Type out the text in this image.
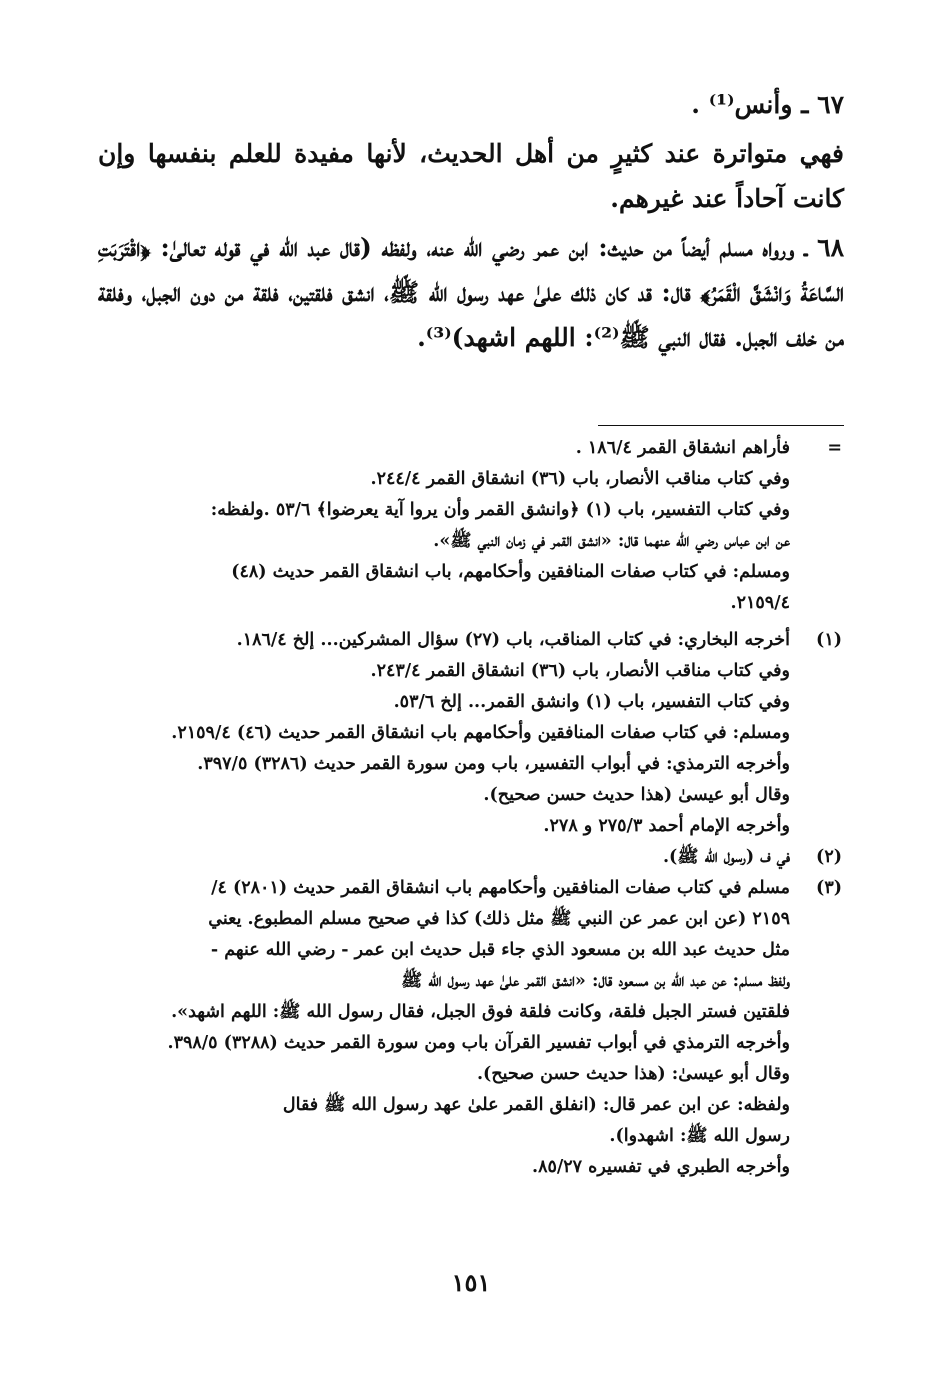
٦٧ ـ وأنس⁽¹⁾ .

فهي متواترة عند كثيرٍ من أهل الحديث، لأنها مفيدة للعلم بنفسها وإن كانت آحاداً عند غيرهم.

٦٨ ـ ورواه مسلم أيضاً من حديث: ابن عمر رضي الله عنه، ولفظه (قال عبد الله في قوله تعالىٰ: ﴿اقْتَرَبَتِ السَّاعَةُ وَانْشَقَّ الْقَمَرُ﴾ قال: قد كان ذلك علىٰ عهد رسول الله ﷺ، انشق فلقتين، فلقة من دون الجبل، وفلقة من خلف الجبل. فقال النبي ﷺ⁽²⁾: اللهم اشهد)⁽³⁾.

=
فأراهم انشقاق القمر ١٨٦/٤ .
وفي كتاب مناقب الأنصار، باب (٣٦) انشقاق القمر ٢٤٤/٤.
وفي كتاب التفسير، باب (١) ﴿وانشق القمر وأن يروا آية يعرضوا﴾ ٥٣/٦ .ولفظه:
عن ابن عباس رضي الله عنهما قال: «انشق القمر في زمان النبي ﷺ».
ومسلم: في كتاب صفات المنافقين وأحكامهم، باب انشقاق القمر حديث (٤٨)
٢١٥٩/٤.
(١)
أخرجه البخاري: في كتاب المناقب، باب (٢٧) سؤال المشركين... إلخ ١٨٦/٤.
وفي كتاب مناقب الأنصار، باب (٣٦) انشقاق القمر ٢٤٣/٤.
وفي كتاب التفسير، باب (١) وانشق القمر... إلخ ٥٣/٦.
ومسلم: في كتاب صفات المنافقين وأحكامهم باب انشقاق القمر حديث (٤٦) ٢١٥٩/٤.
وأخرجه الترمذي: في أبواب التفسير، باب ومن سورة القمر حديث (٣٢٨٦) ٣٩٧/٥.
وقال أبو عيسىٰ (هذا حديث حسن صحيح).
وأخرجه الإمام أحمد ٢٧٥/٣ و ٢٧٨.
(٢)
في ف (رسول الله ﷺ).
(٣)
مسلم في كتاب صفات المنافقين وأحكامهم باب انشقاق القمر حديث (٢٨٠١) ٤/
٢١٥٩ (عن ابن عمر عن النبي ﷺ مثل ذلك) كذا في صحيح مسلم المطبوع. يعني
مثل حديث عبد الله بن مسعود الذي جاء قبل حديث ابن عمر - رضي الله عنهم -
ولفظ مسلم: عن عبد الله بن مسعود قال: «انشق القمر علىٰ عهد رسول الله ﷺ
فلقتين فستر الجبل فلقة، وكانت فلقة فوق الجبل، فقال رسول الله ﷺ: اللهم اشهد».
وأخرجه الترمذي في أبواب تفسير القرآن باب ومن سورة القمر حديث (٣٢٨٨) ٣٩٨/٥.
وقال أبو عيسىٰ: (هذا حديث حسن صحيح).
ولفظه: عن ابن عمر قال: (انفلق القمر علىٰ عهد رسول الله ﷺ فقال
رسول الله ﷺ: اشهدوا).
وأخرجه الطبري في تفسيره ٨٥/٢٧.
١٥١
